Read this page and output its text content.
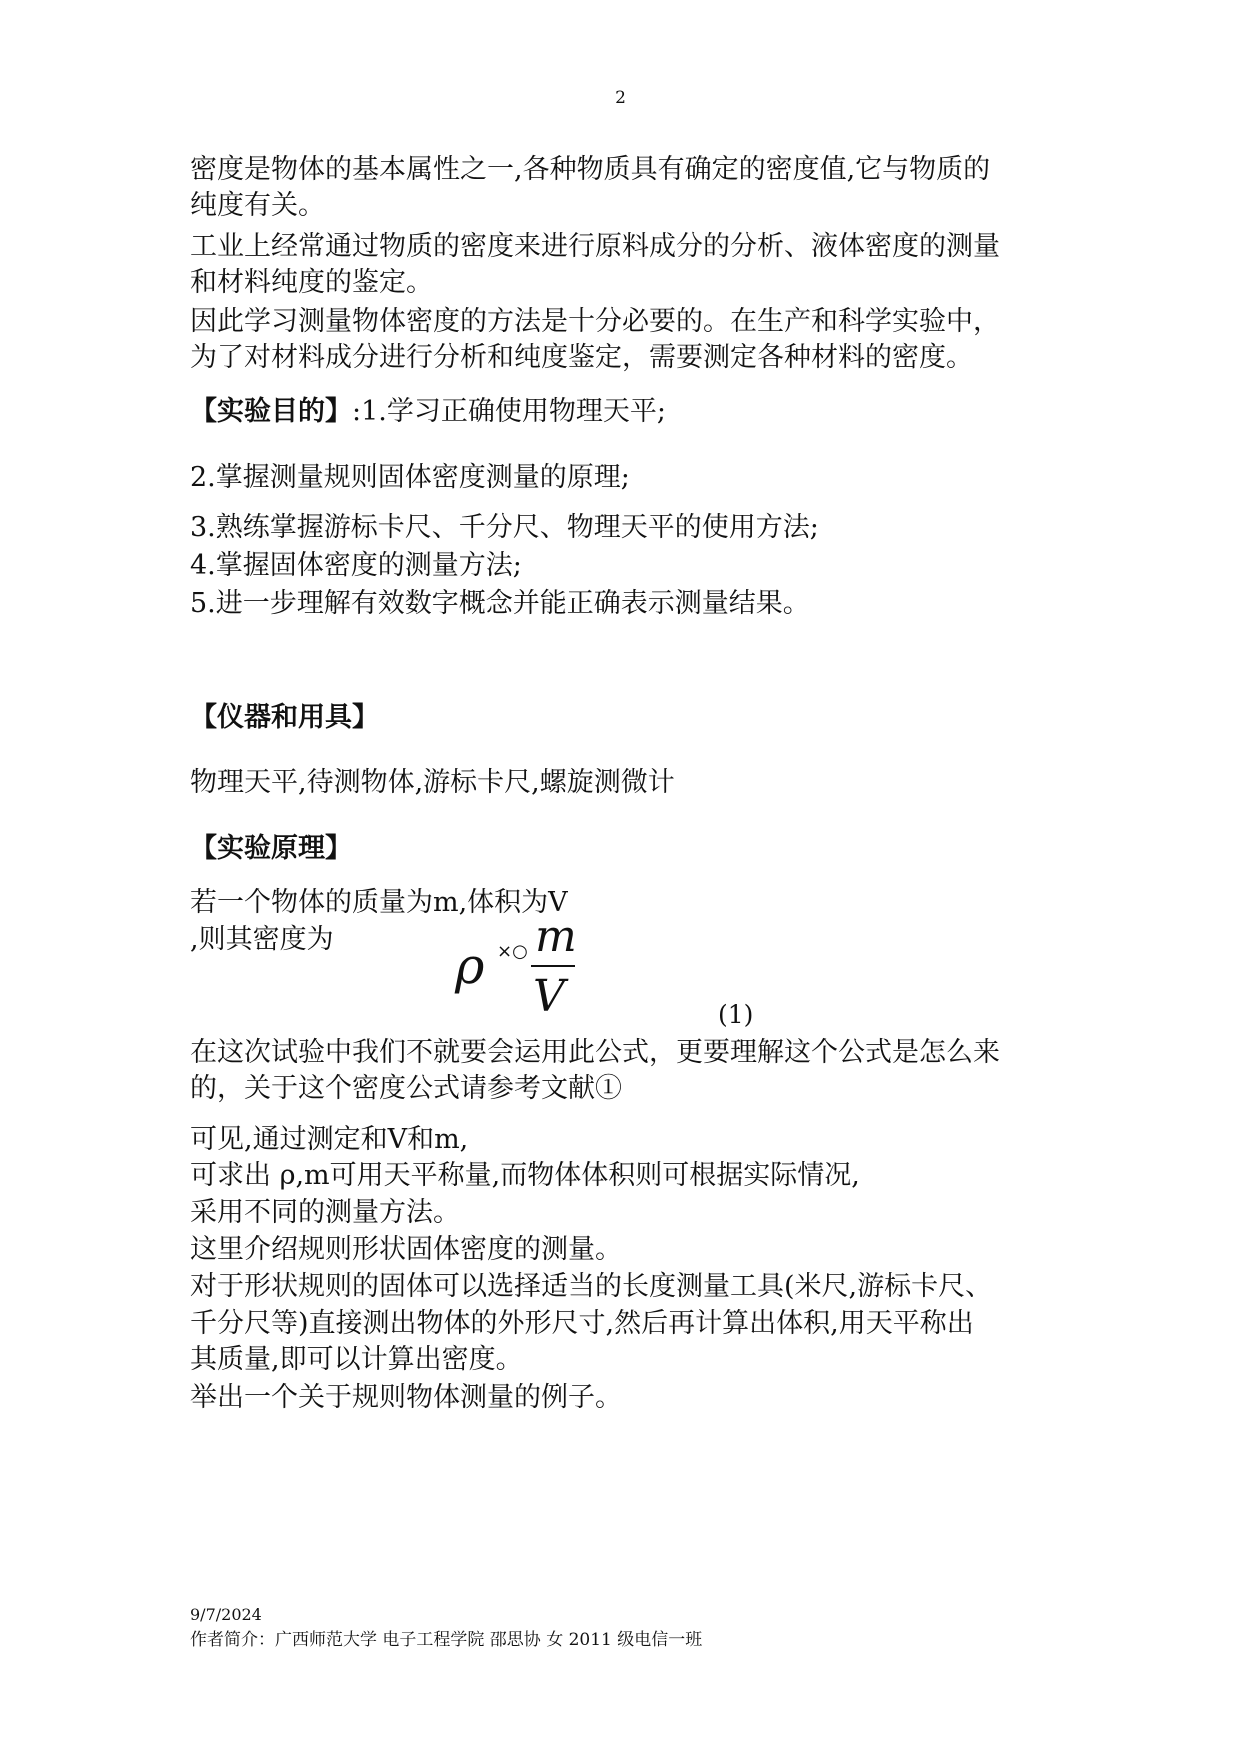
2
密度是物体的基本属性之一,各种物质具有确定的密度值,它与物质的
纯度有关。
工业上经常通过物质的密度来进行原料成分的分析、液体密度的测量
和材料纯度的鉴定。
因此学习测量物体密度的方法是十分必要的。在生产和科学实验中，
为了对材料成分进行分析和纯度鉴定，需要测定各种材料的密度。
【实验目的】:1.学习正确使用物理天平;
2.掌握测量规则固体密度测量的原理;
3.熟练掌握游标卡尺、千分尺、物理天平的使用方法;
4.掌握固体密度的测量方法;
5.进一步理解有效数字概念并能正确表示测量结果。
【仪器和用具】
物理天平,待测物体,游标卡尺,螺旋测微计
【实验原理】
若一个物体的质量为m,体积为V
,则其密度为	ρ ×○ m
V	(1)
在这次试验中我们不就要会运用此公式，更要理解这个公式是怎么来
的，关于这个密度公式请参考文献①
可见,通过测定和V和m,
可求出 ρ,m可用天平称量,而物体体积则可根据实际情况,
采用不同的测量方法。
这里介绍规则形状固体密度的测量。
对于形状规则的固体可以选择适当的长度测量工具(米尺,游标卡尺、
千分尺等)直接测出物体的外形尺寸,然后再计算出体积,用天平称出
其质量,即可以计算出密度。
举出一个关于规则物体测量的例子。
9/7/2024
作者简介：广西师范大学 电子工程学院 邵思协 女 2011 级电信一班
